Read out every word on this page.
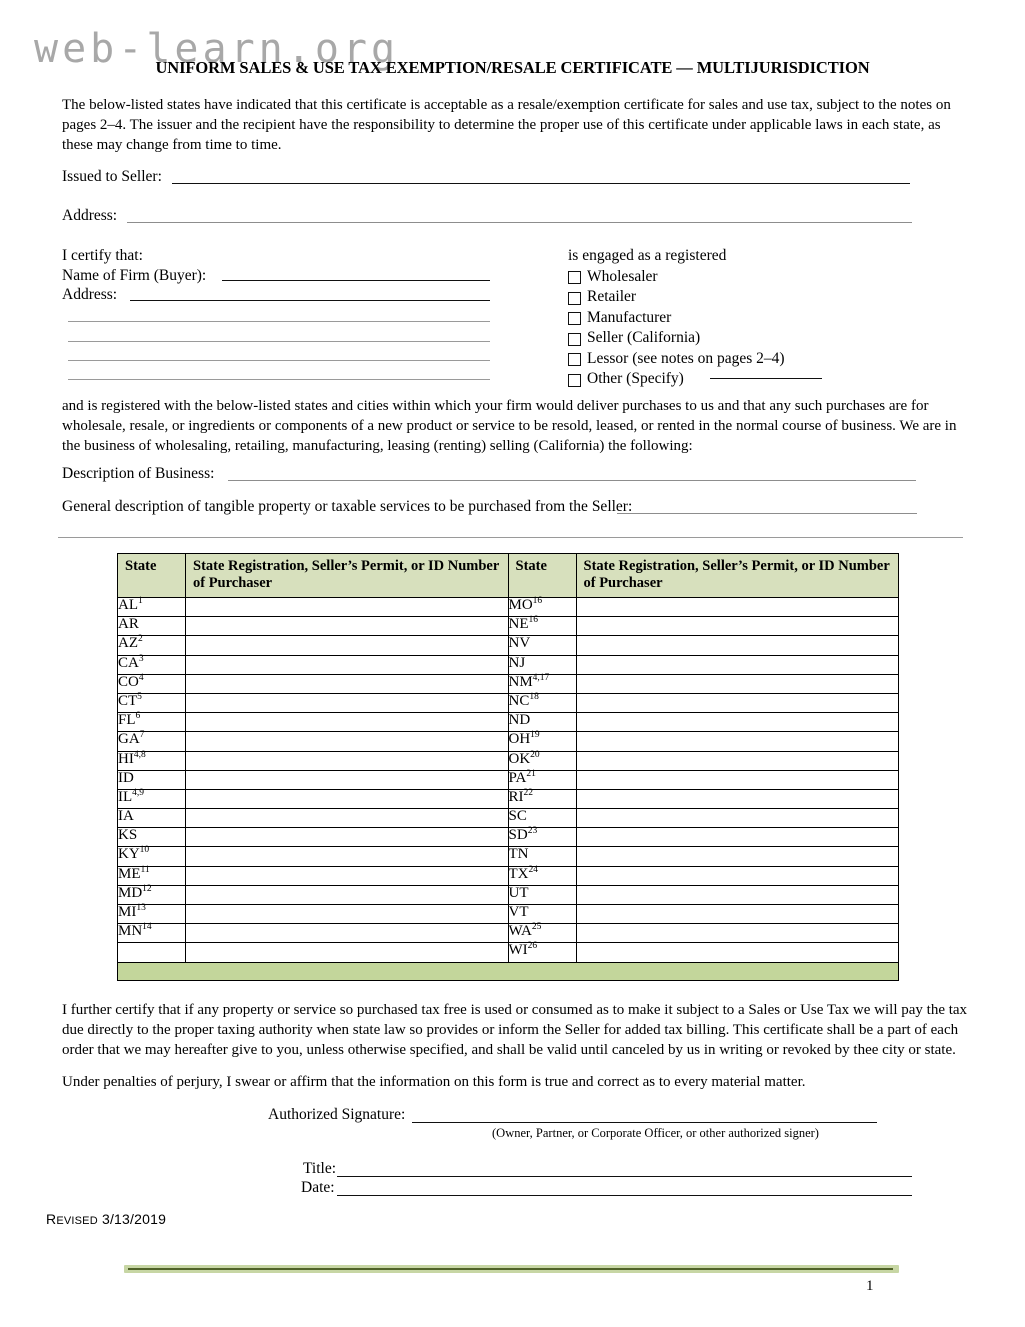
web-learn.org
UNIFORM SALES & USE TAX EXEMPTION/RESALE CERTIFICATE — MULTIJURISDICTION
The below-listed states have indicated that this certificate is acceptable as a resale/exemption certificate for sales and use tax, subject to the notes on pages 2–4. The issuer and the recipient have the responsibility to determine the proper use of this certificate under applicable laws in each state, as these may change from time to time.
Issued to Seller:
Address:
I certify that:
Name of Firm (Buyer):
Address:
is engaged as a registered
Wholesaler
Retailer
Manufacturer
Seller (California)
Lessor (see notes on pages 2–4)
Other (Specify)
and is registered with the below-listed states and cities within which your firm would deliver purchases to us and that any such purchases are for wholesale, resale, or ingredients or components of a new product or service to be resold, leased, or rented in the normal course of business. We are in the business of wholesaling, retailing, manufacturing, leasing (renting) selling (California) the following:
Description of Business:
General description of tangible property or taxable services to be purchased from the Seller:
State	State Registration, Seller’s Permit, or ID Number of Purchaser	State	State Registration, Seller’s Permit, or ID Number of Purchaser
$AL^1$		MO$^{16}$	
AR		NE$^{16}$	
$AZ^2$		NV	
$CA^3$		NJ	
$CO^4$		NM$^{4,17}$	
$CT^5$		NC$^{18}$	
$FL^6$		ND	
$GA^7$		OH$^{19}$	
HI$^{4,8}$		OK$^{20}$	
ID		PA$^{21}$	
IL$^{4,9}$		RI$^{22}$	
IA		SC	
KS		SD$^{23}$	
KY$^{10}$		TN	
ME$^{11}$		TX$^{24}$	
MD$^{12}$		UT	
MI$^{13}$		VT	
MN$^{14}$		WA$^{25}$	
		WI$^{26}$	

I further certify that if any property or service so purchased tax free is used or consumed as to make it subject to a Sales or Use Tax we will pay the tax due directly to the proper taxing authority when state law so provides or inform the Seller for added tax billing. This certificate shall be a part of each order that we may hereafter give to you, unless otherwise specified, and shall be valid until canceled by us in writing or revoked by thee city or state.
Under penalties of perjury, I swear or affirm that the information on this form is true and correct as to every material matter.
Authorized Signature:
(Owner, Partner, or Corporate Officer, or other authorized signer)
Title:
Date:
REVISED 3/13/2019
1
